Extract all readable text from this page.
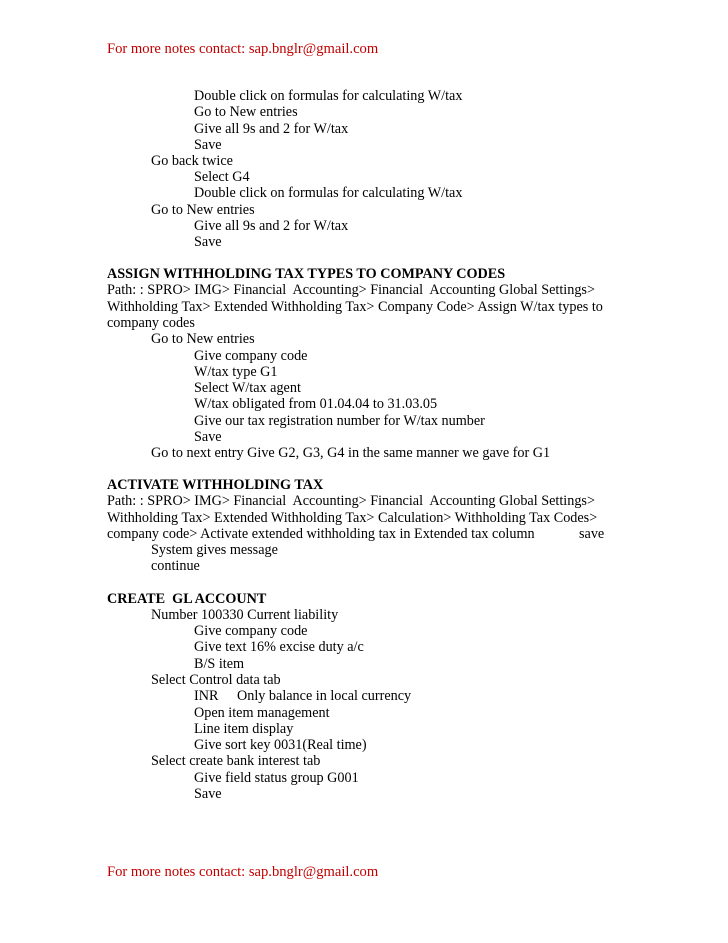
For more notes contact: sap.bnglr@gmail.com
Double click on formulas for calculating W/tax
Go to New entries
Give all 9s and 2 for W/tax
Save
Go back twice
Select G4
Double click on formulas for calculating W/tax
Go to New entries
Give all 9s and 2 for W/tax
Save
ASSIGN WITHHOLDING TAX TYPES TO COMPANY CODES
Path: : SPRO> IMG> Financial  Accounting> Financial  Accounting Global Settings>
Withholding Tax> Extended Withholding Tax> Company Code> Assign W/tax types to
company codes
Go to New entries
Give company code
W/tax type G1
Select W/tax agent
W/tax obligated from 01.04.04 to 31.03.05
Give our tax registration number for W/tax number
Save
Go to next entry Give G2, G3, G4 in the same manner we gave for G1
ACTIVATE WITHHOLDING TAX
Path: : SPRO> IMG> Financial  Accounting> Financial  Accounting Global Settings>
Withholding Tax> Extended Withholding Tax> Calculation> Withholding Tax Codes>
company code> Activate extended withholding tax in Extended tax column	save
System gives message
continue
CREATE  GL ACCOUNT
Number 100330 Current liability
Give company code
Give text 16% excise duty a/c
B/S item
Select Control data tab
INR Only balance in local currency
Open item management
Line item display
Give sort key 0031(Real time)
Select create bank interest tab
Give field status group G001
Save
For more notes contact: sap.bnglr@gmail.com
